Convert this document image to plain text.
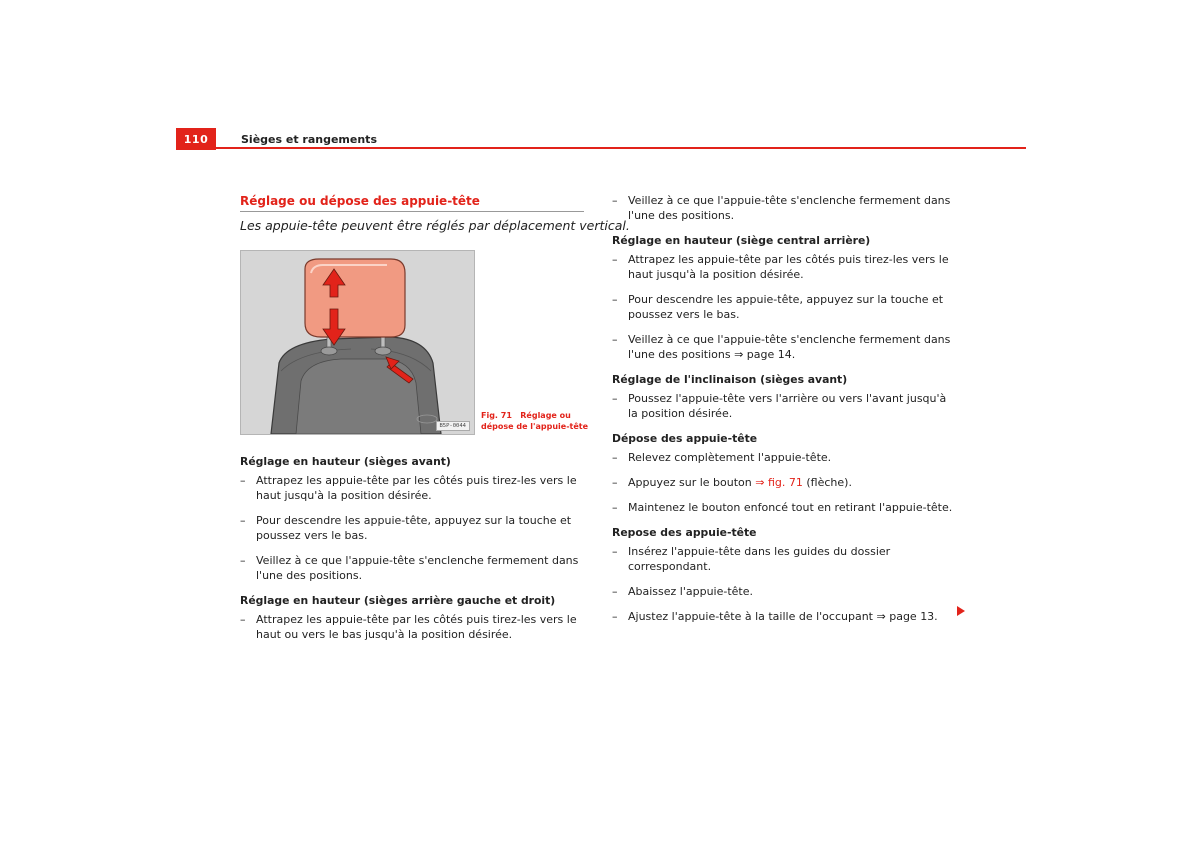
110	Sièges et rangements
Réglage ou dépose des appuie-tête
Les appuie-tête peuvent être réglés par déplacement vertical.
B5P-0044
Fig. 71 Réglage ou dépose de l'appuie-tête
Réglage en hauteur (sièges avant)
– Attrapez les appuie-tête par les côtés puis tirez-les vers le haut jusqu'à la position désirée.
– Pour descendre les appuie-tête, appuyez sur la touche et poussez vers le bas.
– Veillez à ce que l'appuie-tête s'enclenche fermement dans l'une des positions.
Réglage en hauteur (sièges arrière gauche et droit)
– Attrapez les appuie-tête par les côtés puis tirez-les vers le haut ou vers le bas jusqu'à la position désirée.
– Veillez à ce que l'appuie-tête s'enclenche fermement dans l'une des positions.
Réglage en hauteur (siège central arrière)
– Attrapez les appuie-tête par les côtés puis tirez-les vers le haut jusqu'à la position désirée.
– Pour descendre les appuie-tête, appuyez sur la touche et poussez vers le bas.
– Veillez à ce que l'appuie-tête s'enclenche fermement dans l'une des positions ⇒ page 14.
Réglage de l'inclinaison (sièges avant)
– Poussez l'appuie-tête vers l'arrière ou vers l'avant jusqu'à la position désirée.
Dépose des appuie-tête
– Relevez complètement l'appuie-tête.
– Appuyez sur le bouton ⇒ fig. 71 (flèche).
– Maintenez le bouton enfoncé tout en retirant l'appuie-tête.
Repose des appuie-tête
– Insérez l'appuie-tête dans les guides du dossier correspondant.
– Abaissez l'appuie-tête.
– Ajustez l'appuie-tête à la taille de l'occupant ⇒ page 13.
